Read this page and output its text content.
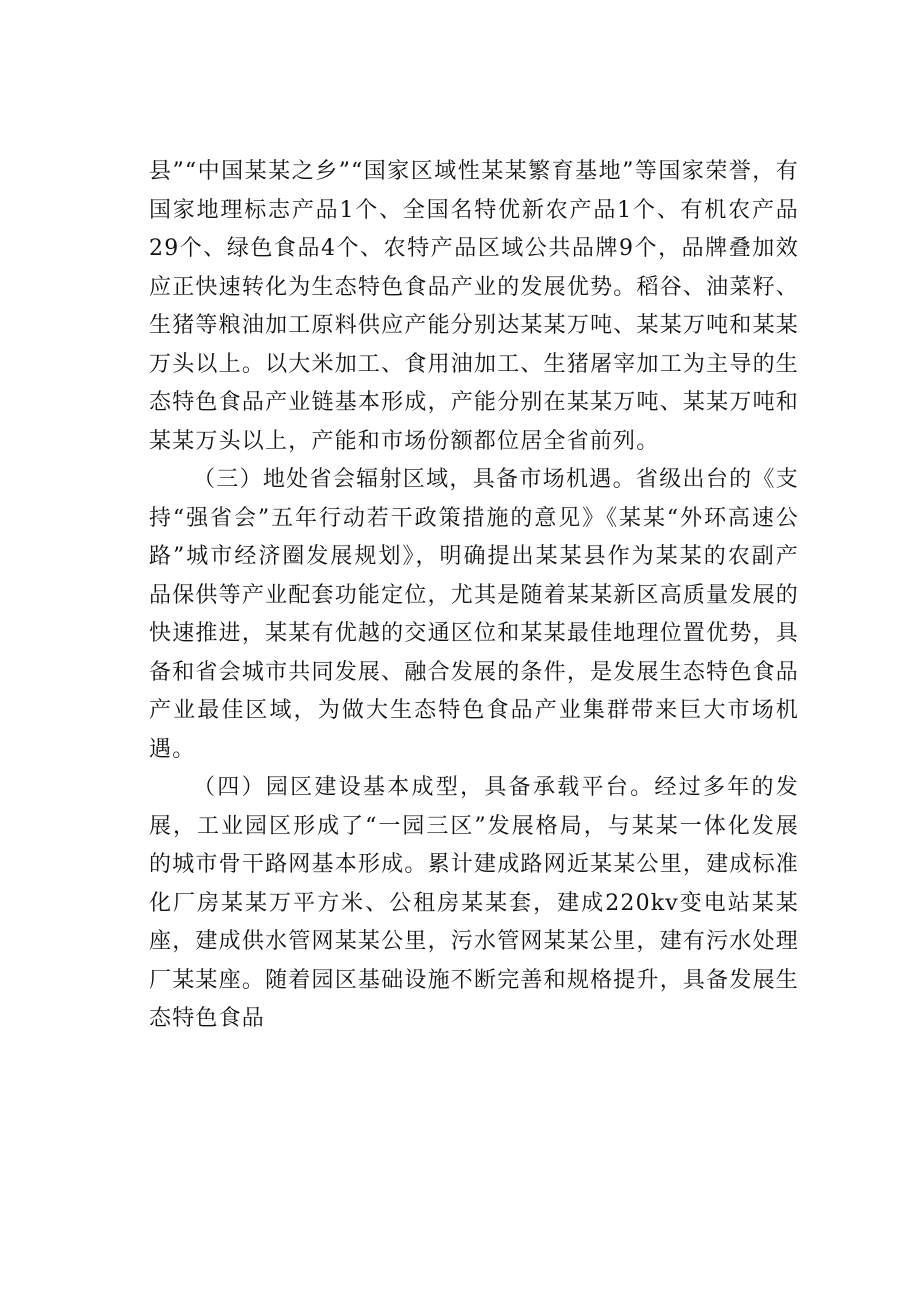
县”“中国某某之乡”“国家区域性某某繁育基地”等国家荣誉，有国家地理标志产品1个、全国名特优新农产品1个、有机农产品29个、绿色食品4个、农特产品区域公共品牌9个，品牌叠加效应正快速转化为生态特色食品产业的发展优势。稻谷、油菜籽、生猪等粮油加工原料供应产能分别达某某万吨、某某万吨和某某万头以上。以大米加工、食用油加工、生猪屠宰加工为主导的生态特色食品产业链基本形成，产能分别在某某万吨、某某万吨和某某万头以上，产能和市场份额都位居全省前列。

（三）地处省会辐射区域，具备市场机遇。省级出台的《支持“强省会”五年行动若干政策措施的意见》《某某“外环高速公路”城市经济圈发展规划》，明确提出某某县作为某某的农副产品保供等产业配套功能定位，尤其是随着某某新区高质量发展的快速推进，某某有优越的交通区位和某某最佳地理位置优势，具备和省会城市共同发展、融合发展的条件，是发展生态特色食品产业最佳区域，为做大生态特色食品产业集群带来巨大市场机遇。

（四）园区建设基本成型，具备承载平台。经过多年的发展，工业园区形成了“一园三区”发展格局，与某某一体化发展的城市骨干路网基本形成。累计建成路网近某某公里，建成标准化厂房某某万平方米、公租房某某套，建成220kv变电站某某座，建成供水管网某某公里，污水管网某某公里，建有污水处理厂某某座。随着园区基础设施不断完善和规格提升，具备发展生态特色食品
